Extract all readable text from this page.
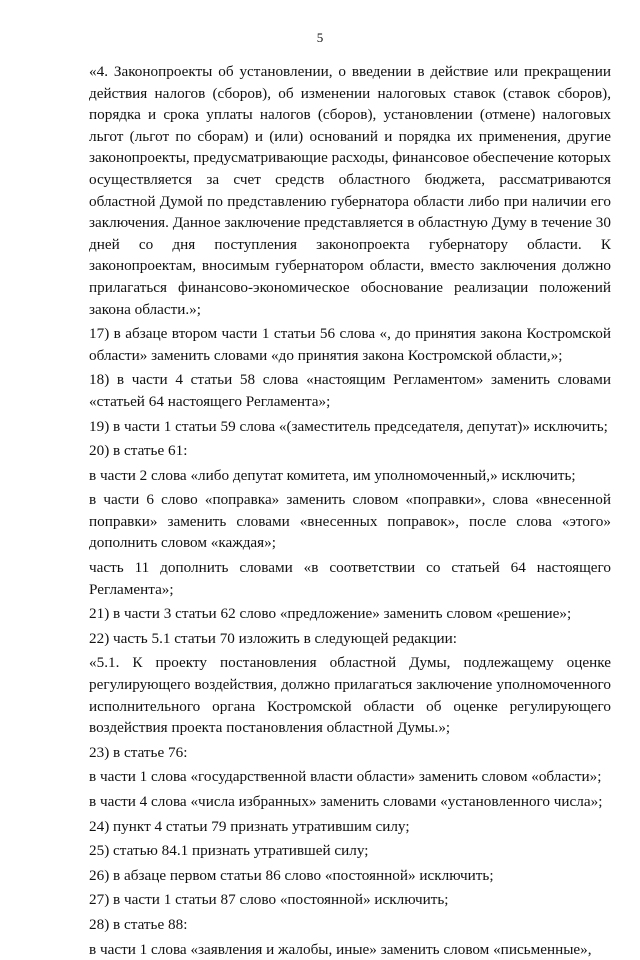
5

«4. Законопроекты об установлении, о введении в действие или прекращении действия налогов (сборов), об изменении налоговых ставок (ставок сборов), порядка и срока уплаты налогов (сборов), установлении (отмене) налоговых льгот (льгот по сборам) и (или) оснований и порядка их применения, другие законопроекты, предусматривающие расходы, финансовое обеспечение которых осуществляется за счет средств областного бюджета, рассматриваются областной Думой по представлению губернатора области либо при наличии его заключения. Данное заключение представляется в областную Думу в течение 30 дней со дня поступления законопроекта губернатору области. К законопроектам, вносимым губернатором области, вместо заключения должно прилагаться финансово-экономическое обоснование реализации положений закона области.»;

17) в абзаце втором части 1 статьи 56 слова «, до принятия закона Костромской области» заменить словами «до принятия закона Костромской области,»;

18) в части 4 статьи 58 слова «настоящим Регламентом» заменить словами «статьей 64 настоящего Регламента»;

19) в части 1 статьи 59 слова «(заместитель председателя, депутат)» исключить;

20) в статье 61:

в части 2 слова «либо депутат комитета, им уполномоченный,» исключить;

в части 6 слово «поправка» заменить словом «поправки», слова «внесенной поправки» заменить словами «внесенных поправок», после слова «этого» дополнить словом «каждая»;

часть 11 дополнить словами «в соответствии со статьей 64 настоящего Регламента»;

21) в части 3 статьи 62 слово «предложение» заменить словом «решение»;

22) часть 5.1 статьи 70 изложить в следующей редакции:

«5.1. К проекту постановления областной Думы, подлежащему оценке регулирующего воздействия, должно прилагаться заключение уполномоченного исполнительного органа Костромской области об оценке регулирующего воздействия проекта постановления областной Думы.»;

23) в статье 76:

в части 1 слова «государственной власти области» заменить словом «области»;

в части 4 слова «числа избранных» заменить словами «установленного числа»;

24) пункт 4 статьи 79 признать утратившим силу;

25) статью 84.1 признать утратившей силу;

26) в абзаце первом статьи 86 слово «постоянной» исключить;

27) в части 1 статьи 87 слово «постоянной» исключить;

28) в статье 88:

в части 1 слова «заявления и жалобы, иные» заменить словом «письменные»,
